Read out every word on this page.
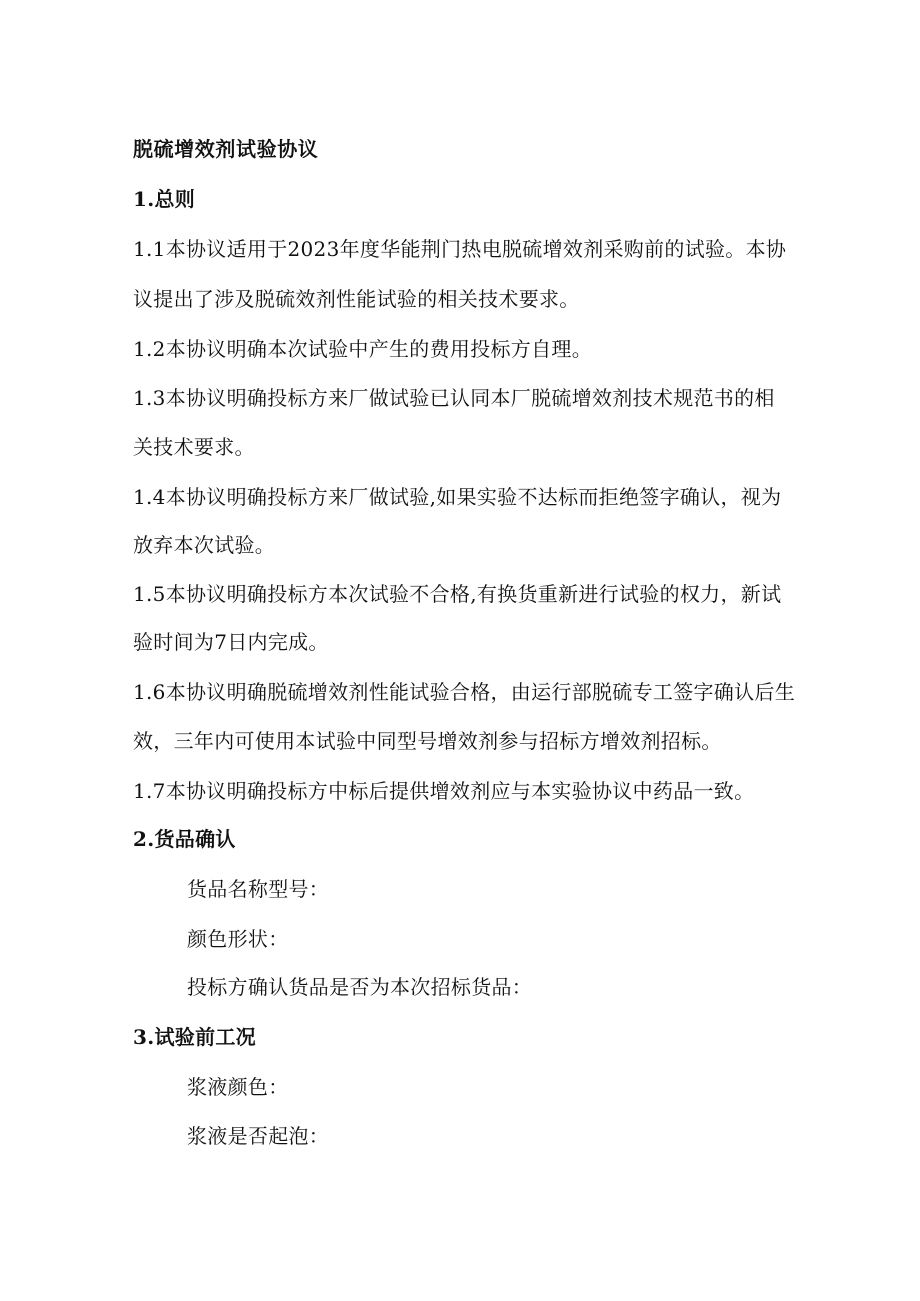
脱硫增效剂试验协议
1.总则
1.1本协议适用于2023年度华能荆门热电脱硫增效剂采购前的试验。本协
议提出了涉及脱硫效剂性能试验的相关技术要求。
1.2本协议明确本次试验中产生的费用投标方自理。
1.3本协议明确投标方来厂做试验已认同本厂脱硫增效剂技术规范书的相
关技术要求。
1.4本协议明确投标方来厂做试验,如果实验不达标而拒绝签字确认，视为
放弃本次试验。
1.5本协议明确投标方本次试验不合格,有换货重新进行试验的权力，新试
验时间为7日内完成。
1.6本协议明确脱硫增效剂性能试验合格，由运行部脱硫专工签字确认后生
效，三年内可使用本试验中同型号增效剂参与招标方增效剂招标。
1.7本协议明确投标方中标后提供增效剂应与本实验协议中药品一致。
2.货品确认
货品名称型号：
颜色形状：
投标方确认货品是否为本次招标货品：
3.试验前工况
浆液颜色：
浆液是否起泡：
